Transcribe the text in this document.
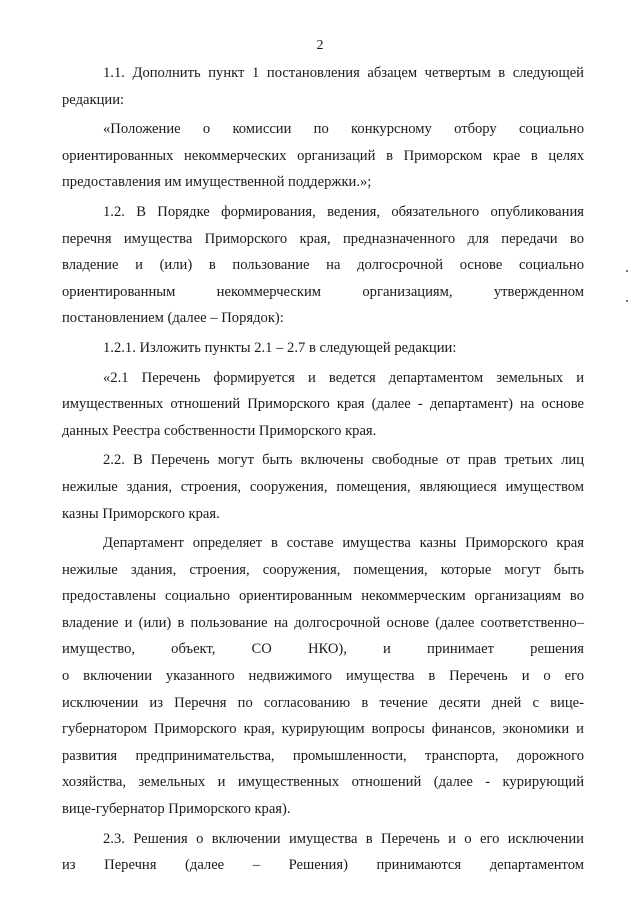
2
1.1. Дополнить пункт 1 постановления абзацем четвертым в следующей
редакции:
«Положение о комиссии по конкурсному отбору социально
ориентированных некоммерческих организаций в Приморском крае в целях
предоставления им имущественной поддержки.»;
1.2. В Порядке формирования, ведения, обязательного опубликования
перечня имущества Приморского края, предназначенного для передачи во
владение и (или) в пользование на долгосрочной основе социально
ориентированным некоммерческим организациям, утвержденном
постановлением (далее – Порядок):
1.2.1. Изложить пункты 2.1 – 2.7 в следующей редакции:
«2.1 Перечень формируется и ведется департаментом земельных и
имущественных отношений Приморского края (далее - департамент) на основе
данных Реестра собственности Приморского края.
2.2. В Перечень могут быть включены свободные от прав третьих лиц
нежилые здания, строения, сооружения, помещения, являющиеся имуществом
казны Приморского края.
Департамент определяет в составе имущества казны Приморского края
нежилые здания, строения, сооружения, помещения, которые могут быть
предоставлены социально ориентированным некоммерческим организациям во
владение и (или) в пользование на долгосрочной основе (далее соответственно–
имущество, объект, СО НКО), и принимает решения
о включении указанного недвижимого имущества в Перечень и о его
исключении из Перечня по согласованию в течение десяти дней с вице-
губернатором Приморского края, курирующим вопросы финансов, экономики и
развития предпринимательства, промышленности, транспорта, дорожного
хозяйства, земельных и имущественных отношений (далее - курирующий
вице-губернатор Приморского края).
2.3. Решения о включении имущества в Перечень и о его исключении
из Перечня (далее – Решения) принимаются департаментом
